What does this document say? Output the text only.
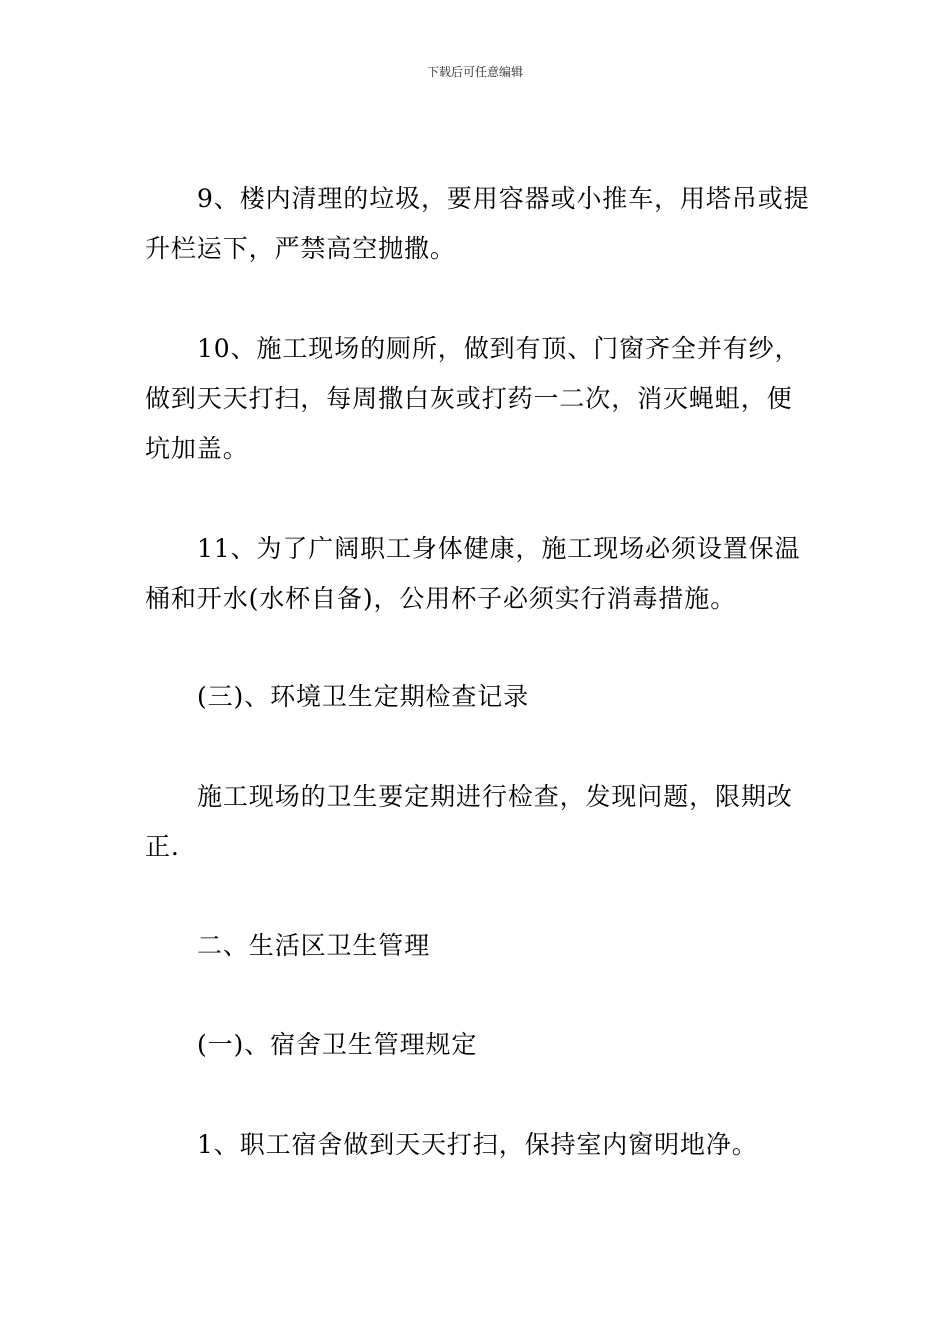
下载后可任意编辑

9、楼内清理的垃圾，要用容器或小推车，用塔吊或提升栏运下，严禁高空抛撒。

10、施工现场的厕所，做到有顶、门窗齐全并有纱，做到天天打扫，每周撒白灰或打药一二次，消灭蝇蛆，便坑加盖。

11、为了广阔职工身体健康，施工现场必须设置保温桶和开水(水杯自备)，公用杯子必须实行消毒措施。

(三)、环境卫生定期检查记录

施工现场的卫生要定期进行检查，发现问题，限期改正.

二、生活区卫生管理

(一)、宿舍卫生管理规定

1、职工宿舍做到天天打扫，保持室内窗明地净。
